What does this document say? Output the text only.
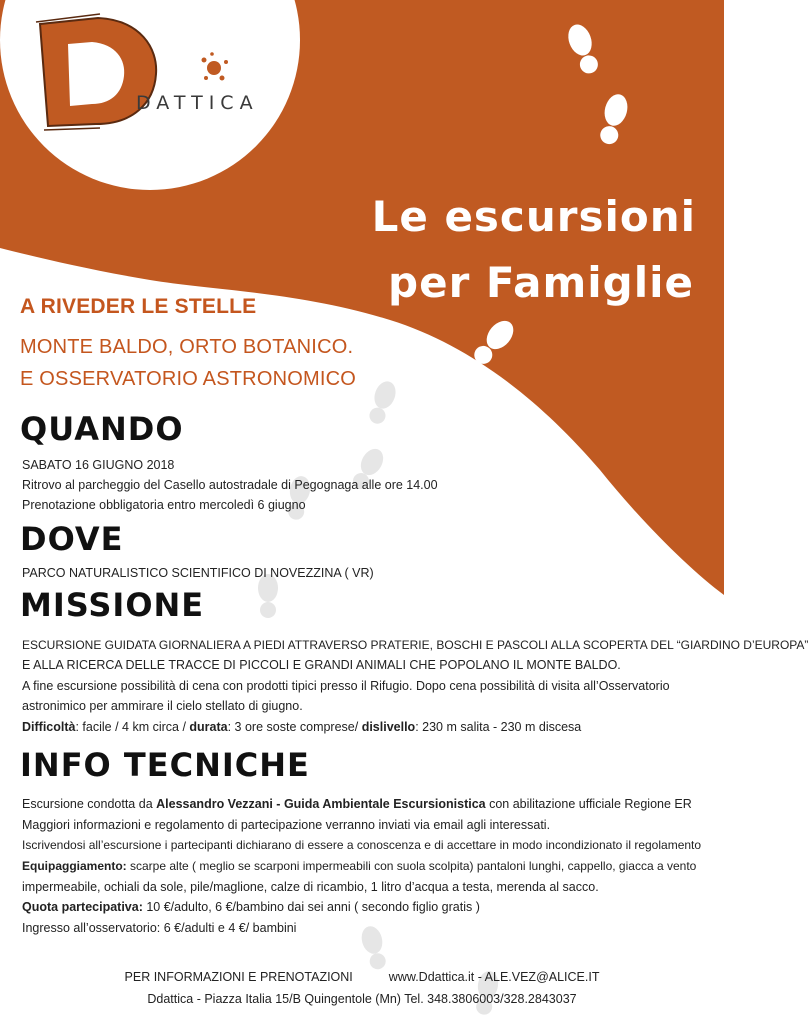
DATTICA
Le escursioni
per Famiglie
A RIVEDER LE STELLE
MONTE BALDO, ORTO BOTANICO.
E OSSERVATORIO ASTRONOMICO
QUANDO
SABATO 16 GIUGNO 2018
Ritrovo al parcheggio del Casello autostradale di Pegognaga alle ore 14.00
Prenotazione obbligatoria entro mercoledì 6 giugno
DOVE
PARCO NATURALISTICO SCIENTIFICO DI NOVEZZINA ( VR)
MISSIONE
ESCURSIONE GUIDATA GIORNALIERA A PIEDI ATTRAVERSO PRATERIE, BOSCHI E PASCOLI ALLA SCOPERTA DEL “GIARDINO D’EUROPA”
E ALLA RICERCA DELLE TRACCE DI PICCOLI E GRANDI ANIMALI CHE POPOLANO IL MONTE BALDO.
A fine escursione possibilità di cena con prodotti tipici presso il Rifugio. Dopo cena possibilità di visita all’Osservatorio
astronimico per ammirare il cielo stellato di giugno.
Difficoltà: facile / 4 km circa / durata: 3 ore soste comprese/ dislivello: 230 m salita - 230 m discesa
INFO TECNICHE
Escursione condotta da Alessandro Vezzani - Guida Ambientale Escursionistica con abilitazione ufficiale Regione ER
Maggiori informazioni e regolamento di partecipazione verranno inviati via email agli interessati.
Iscrivendosi all’escursione i partecipanti dichiarano di essere a conoscenza e di accettare in modo incondizionato il regolamento
Equipaggiamento: scarpe alte ( meglio se scarponi impermeabili con suola scolpita) pantaloni lunghi, cappello, giacca a vento
impermeabile, ochiali da sole, pile/maglione, calze di ricambio, 1 litro d’acqua a testa, merenda al sacco.
Quota partecipativa: 10 €/adulto, 6 €/bambino dai sei anni ( secondo figlio gratis )
Ingresso all’osservatorio: 6 €/adulti e 4 €/ bambini
PER INFORMAZIONI E PRENOTAZIONI	www.Ddattica.it - ALE.VEZ@ALICE.IT
Ddattica - Piazza Italia 15/B Quingentole (Mn) Tel. 348.3806003/328.2843037
